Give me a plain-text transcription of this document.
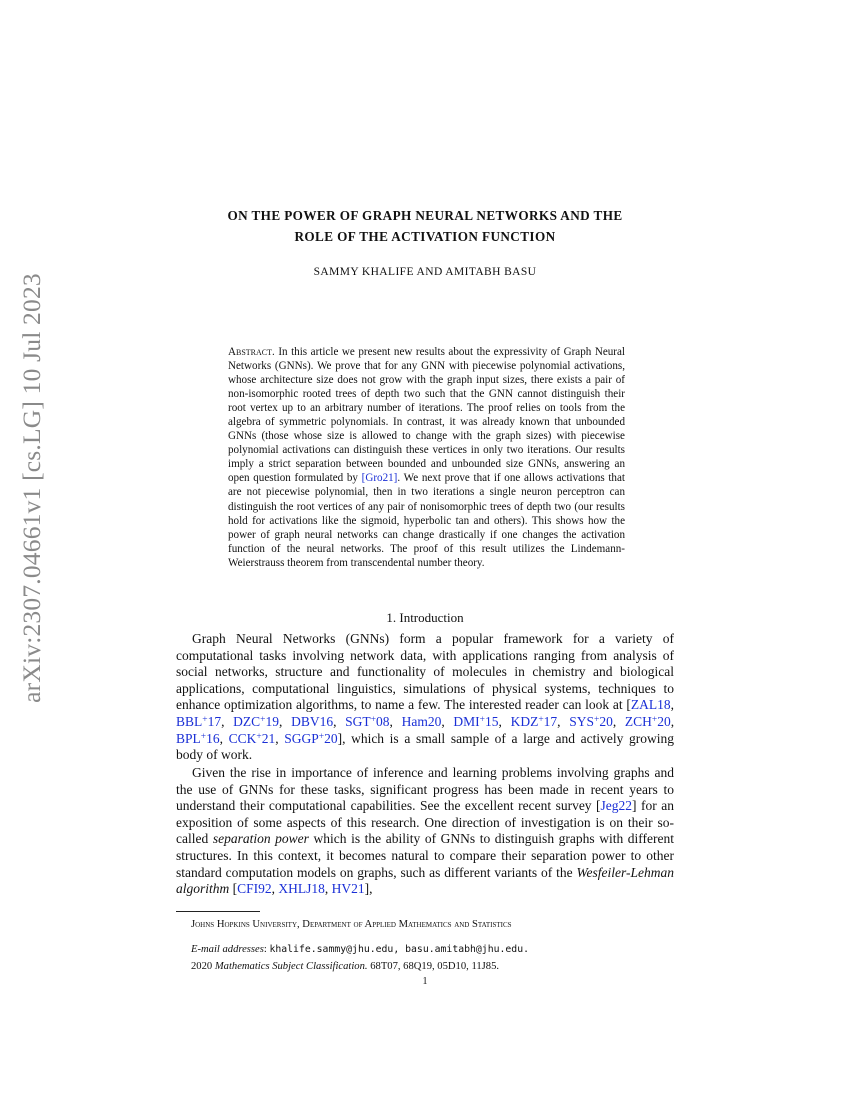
arXiv:2307.04661v1 [cs.LG] 10 Jul 2023
ON THE POWER OF GRAPH NEURAL NETWORKS AND THE
ROLE OF THE ACTIVATION FUNCTION
SAMMY KHALIFE AND AMITABH BASU

Abstract. In this article we present new results about the expressivity of Graph Neural Networks (GNNs). We prove that for any GNN with piecewise polynomial activations, whose architecture size does not grow with the graph input sizes, there exists a pair of non-isomorphic rooted trees of depth two such that the GNN cannot distinguish their root vertex up to an arbitrary number of iterations. The proof relies on tools from the algebra of symmetric polynomials. In contrast, it was already known that unbounded GNNs (those whose size is allowed to change with the graph sizes) with piecewise polynomial activations can distinguish these vertices in only two iterations. Our results imply a strict separation between bounded and unbounded size GNNs, answering an open question formulated by [Gro21]. We next prove that if one allows activations that are not piecewise polynomial, then in two iterations a single neuron perceptron can distinguish the root vertices of any pair of nonisomorphic trees of depth two (our results hold for activations like the sigmoid, hyperbolic tan and others). This shows how the power of graph neural networks can change drastically if one changes the activation function of the neural networks. The proof of this result utilizes the Lindemann-Weierstrauss theorem from transcendental number theory.

1. Introduction

Graph Neural Networks (GNNs) form a popular framework for a variety of computational tasks involving network data, with applications ranging from analysis of social networks, structure and functionality of molecules in chemistry and biological applications, computational linguistics, simulations of physical systems, techniques to enhance optimization algorithms, to name a few. The interested reader can look at [ZAL18, BBL+17, DZC+19, DBV16, SGT+08, Ham20, DMI+15, KDZ+17, SYS+20, ZCH+20, BPL+16, CCK+21, SGGP+20], which is a small sample of a large and actively growing body of work.

Given the rise in importance of inference and learning problems involving graphs and the use of GNNs for these tasks, significant progress has been made in recent years to understand their computational capabilities. See the excellent recent survey [Jeg22] for an exposition of some aspects of this research. One direction of investigation is on their so-called separation power which is the ability of GNNs to distinguish graphs with different structures. In this context, it becomes natural to compare their separation power to other standard computation models on graphs, such as different variants of the Wesfeiler-Lehman algorithm [CFI92, XHLJ18, HV21],

Johns Hopkins University, Department of Applied Mathematics and Statistics
E-mail addresses: khalife.sammy@jhu.edu, basu.amitabh@jhu.edu.
2020 Mathematics Subject Classification. 68T07, 68Q19, 05D10, 11J85.
1
